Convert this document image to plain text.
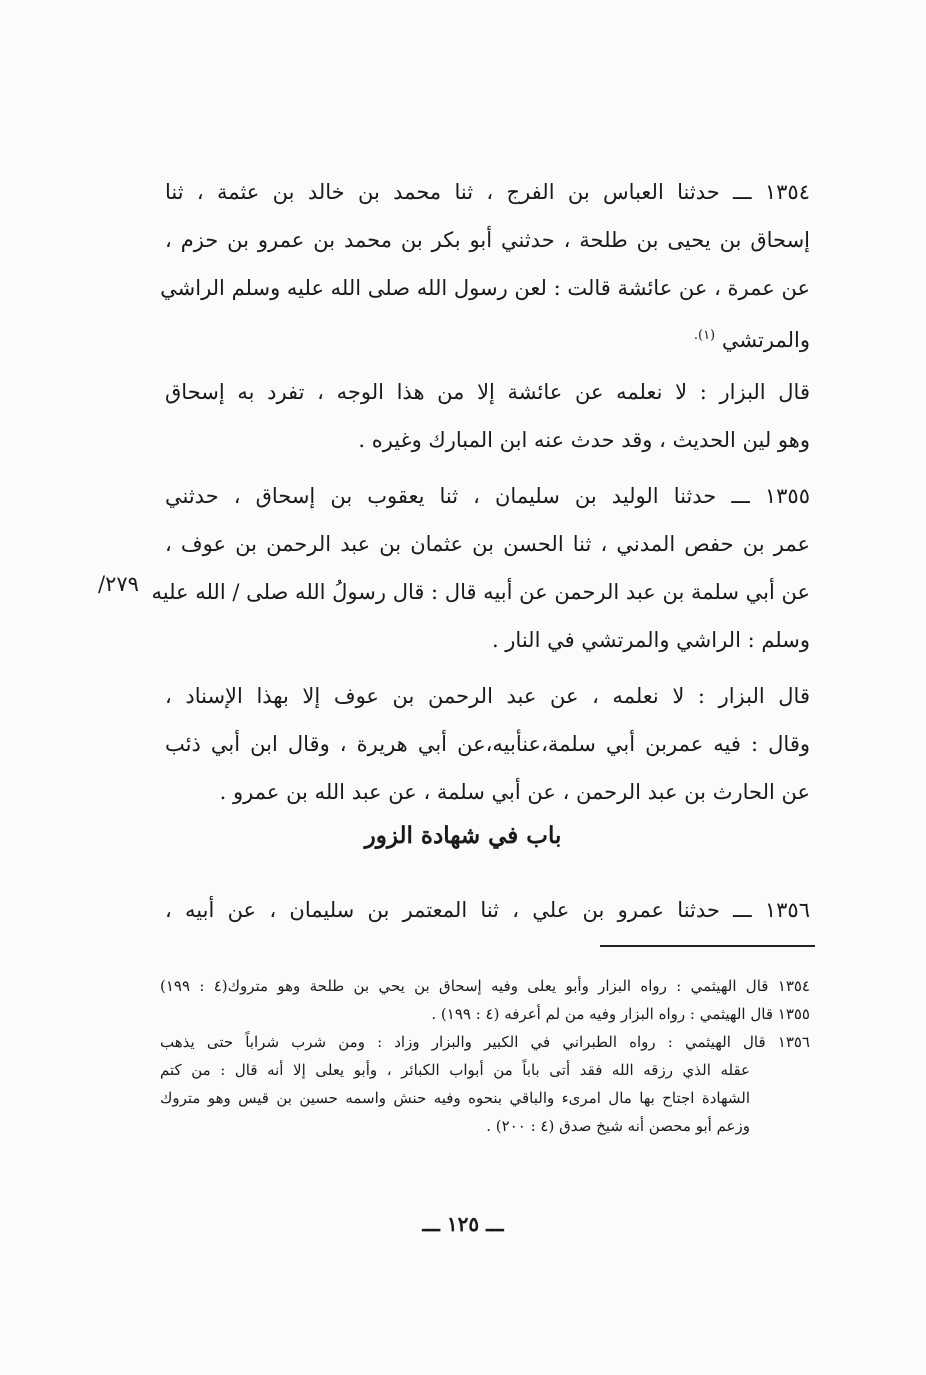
١٣٥٤ ـــ حدثنا العباس بن الفرج ، ثنا محمد بن خالد بن عثمة ، ثنا
إسحاق بن يحيى بن طلحة ، حدثني أبو بكر بن محمد بن عمرو بن حزم ،
عن عمرة ، عن عائشة قالت : لعن رسول الله صلى الله عليه وسلم الراشي
والمرتشي $^{(١).}$
قال البزار : لا نعلمه عن عائشة إلا من هذا الوجه ، تفرد به إسحاق
وهو لين الحديث ، وقد حدث عنه ابن المبارك وغيره .
١٣٥٥ ـــ حدثنا الوليد بن سليمان ، ثنا يعقوب بن إسحاق ، حدثني
عمر بن حفص المدني ، ثنا الحسن بن عثمان بن عبد الرحمن بن عوف ،
عن أبي سلمة بن عبد الرحمن عن أبيه قال : قال رسولُ الله صلى / الله عليه
وسلم : الراشي والمرتشي في النار .
قال البزار : لا نعلمه ، عن عبد الرحمن بن عوف إلا بهذا الإسناد ،
وقال : فيه عمربن أبي سلمة،عنأبيه،عن أبي هريرة ، وقال ابن أبي ذئب
عن الحارث بن عبد الرحمن ، عن أبي سلمة ، عن عبد الله بن عمرو .
٢٧٩/
باب في شهادة الزور
١٣٥٦ ـــ حدثنا عمرو بن علي ، ثنا المعتمر بن سليمان ، عن أبيه ،
١٣٥٤ قال الهيثمي : رواه البزار وأبو يعلى وفيه إسحاق بن يحي بن طلحة وهو متروك(٤ : ١٩٩)
١٣٥٥ قال الهيثمي : رواه البزار وفيه من لم أعرفه (٤ : ١٩٩) .
١٣٥٦ قال الهيثمي : رواه الطبراني في الكبير والبزار وزاد : ومن شرب شراباً حتى يذهب
عقله الذي رزقه الله فقد أتى باباً من أبواب الكبائر ، وأبو يعلى إلا أنه قال : من كتم
الشهادة اجتاح بها مال امرىء والباقي بنحوه وفيه حنش واسمه حسين بن قيس وهو متروك
وزعم أبو محصن أنه شيخ صدق (٤ : ٢٠٠) .
ـــ ١٢٥ ـــ
